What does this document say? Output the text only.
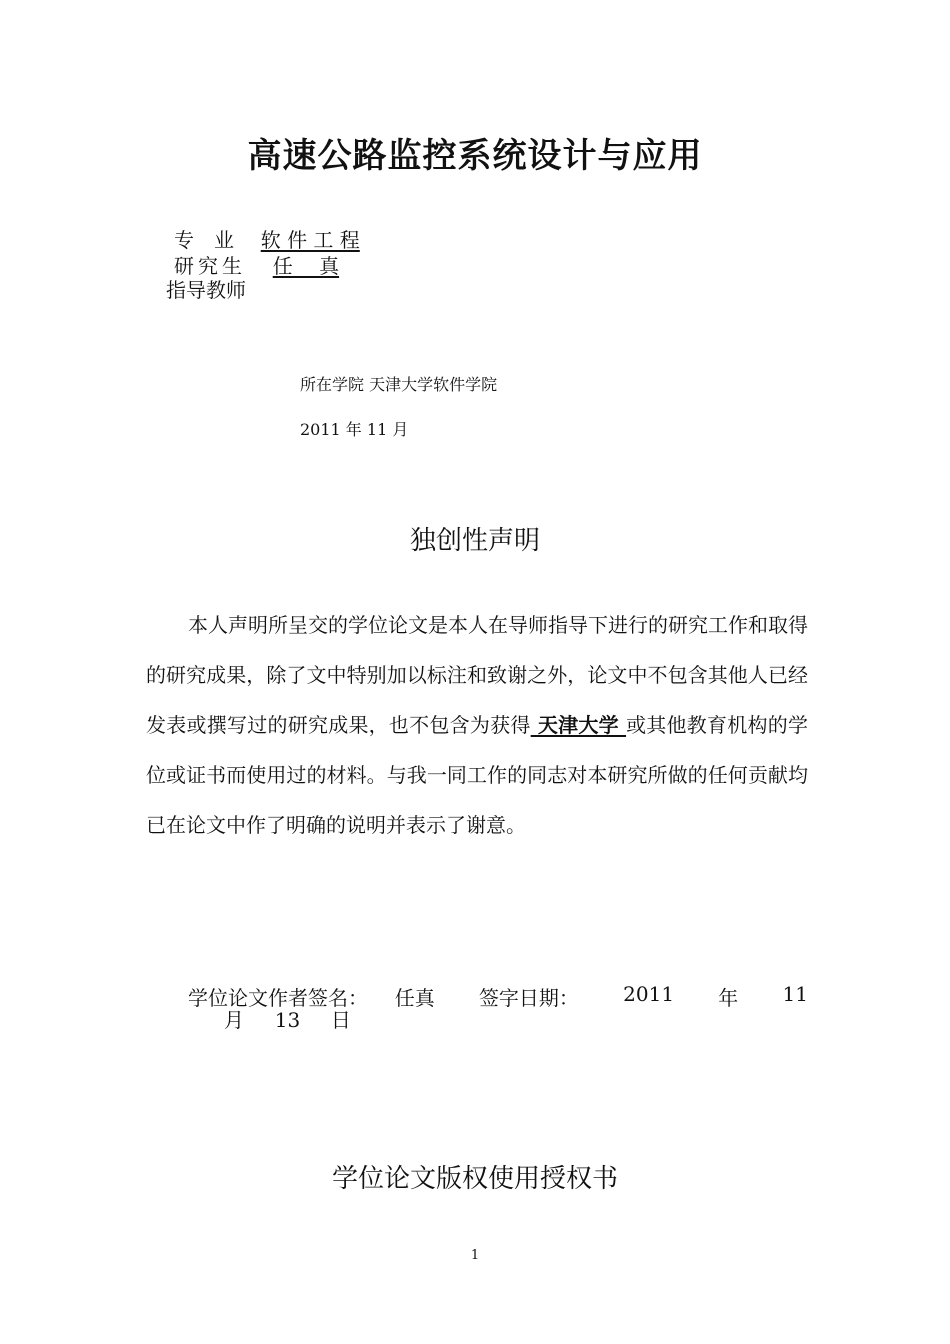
高速公路监控系统设计与应用
专　业 软 件 工 程
研究生 任　 真
指导教师
所在学院 天津大学软件学院
2011 年 11 月
独创性声明
本人声明所呈交的学位论文是本人在导师指导下进行的研究工作和取得的研究成果，除了文中特别加以标注和致谢之外，论文中不包含其他人已经发表或撰写过的研究成果，也不包含为获得 天津大学 或其他教育机构的学位或证书而使用过的材料。与我一同工作的同志对本研究所做的任何贡献均已在论文中作了明确的说明并表示了谢意。
学位论文作者签名： 任真 签字日期： 2011 年 11
月 13 日
学位论文版权使用授权书
1
